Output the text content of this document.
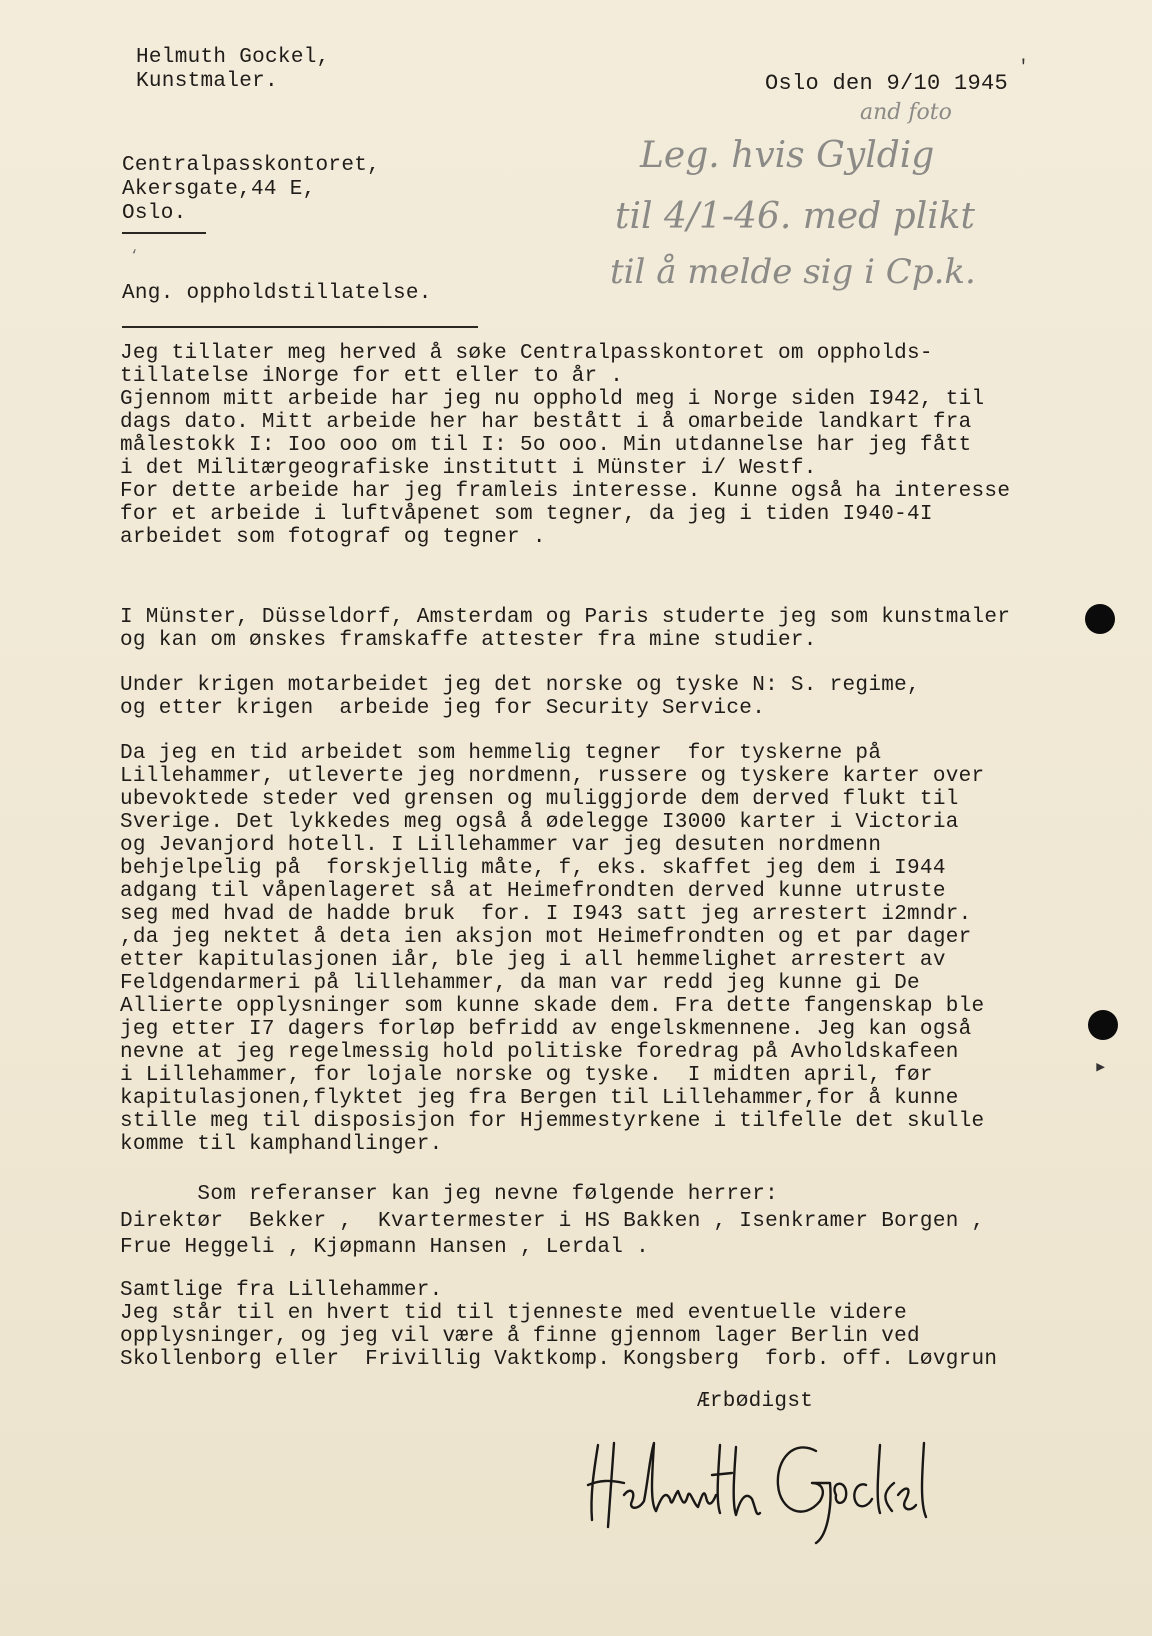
Helmuth Gockel,
Kunstmaler.	Oslo den 9/10 1945
Centralpasskontoret,
Akersgate,44 E,
Oslo.
and foto
Leg. hvis Gyldig
til 4/1-46. med plikt
til å melde sig i Cp.k.
Ang. oppholdstillatelse.
Jeg tillater meg herved å søke Centralpasskontoret om oppholds-
tillatelse iNorge for ett eller to år .
Gjennom mitt arbeide har jeg nu opphold meg i Norge siden I942, til
dags dato. Mitt arbeide her har bestått i å omarbeide landkart fra
målestokk I: Ioo ooo om til I: 5o ooo. Min utdannelse har jeg fått
i det Militærgeografiske institutt i Münster i/ Westf.
For dette arbeide har jeg framleis interesse. Kunne også ha interesse
for et arbeide i luftvåpenet som tegner, da jeg i tiden I940-4I
arbeidet som fotograf og tegner .
I Münster, Düsseldorf, Amsterdam og Paris studerte jeg som kunstmaler
og kan om ønskes framskaffe attester fra mine studier.
Under krigen motarbeidet jeg det norske og tyske N: S. regime,
og etter krigen  arbeide jeg for Security Service.
Da jeg en tid arbeidet som hemmelig tegner  for tyskerne på
Lillehammer, utleverte jeg nordmenn, russere og tyskere karter over
ubevoktede steder ved grensen og muliggjorde dem derved flukt til
Sverige. Det lykkedes meg også å ødelegge I3000 karter i Victoria
og Jevanjord hotell. I Lillehammer var jeg desuten nordmenn
behjelpelig på  forskjellig måte, f, eks. skaffet jeg dem i I944
adgang til våpenlageret så at Heimefrondten derved kunne utruste
seg med hvad de hadde bruk  for. I I943 satt jeg arrestert i2mndr.
,da jeg nektet å deta ien aksjon mot Heimefrondten og et par dager
etter kapitulasjonen iår, ble jeg i all hemmelighet arrestert av
Feldgendarmeri på lillehammer, da man var redd jeg kunne gi De
Allierte opplysninger som kunne skade dem. Fra dette fangenskap ble
jeg etter I7 dagers forløp befridd av engelskmennene. Jeg kan også
nevne at jeg regelmessig hold politiske foredrag på Avholdskafeen
i Lillehammer, for lojale norske og tyske.  I midten april, før
kapitulasjonen,flyktet jeg fra Bergen til Lillehammer,for å kunne
stille meg til disposisjon for Hjemmestyrkene i tilfelle det skulle
komme til kamphandlinger.
Som referanser kan jeg nevne følgende herrer:
Direktør  Bekker ,  Kvartermester i HS Bakken , Isenkramer Borgen ,
Frue Heggeli , Kjøpmann Hansen , Lerdal .
Samtlige fra Lillehammer.
Jeg står til en hvert tid til tjenneste med eventuelle videre
opplysninger, og jeg vil være å finne gjennom lager Berlin ved
Skollenborg eller  Frivillig Vaktkomp. Kongsberg  forb. off. Løvgrun
Ærbødigst
▸
′
‘
